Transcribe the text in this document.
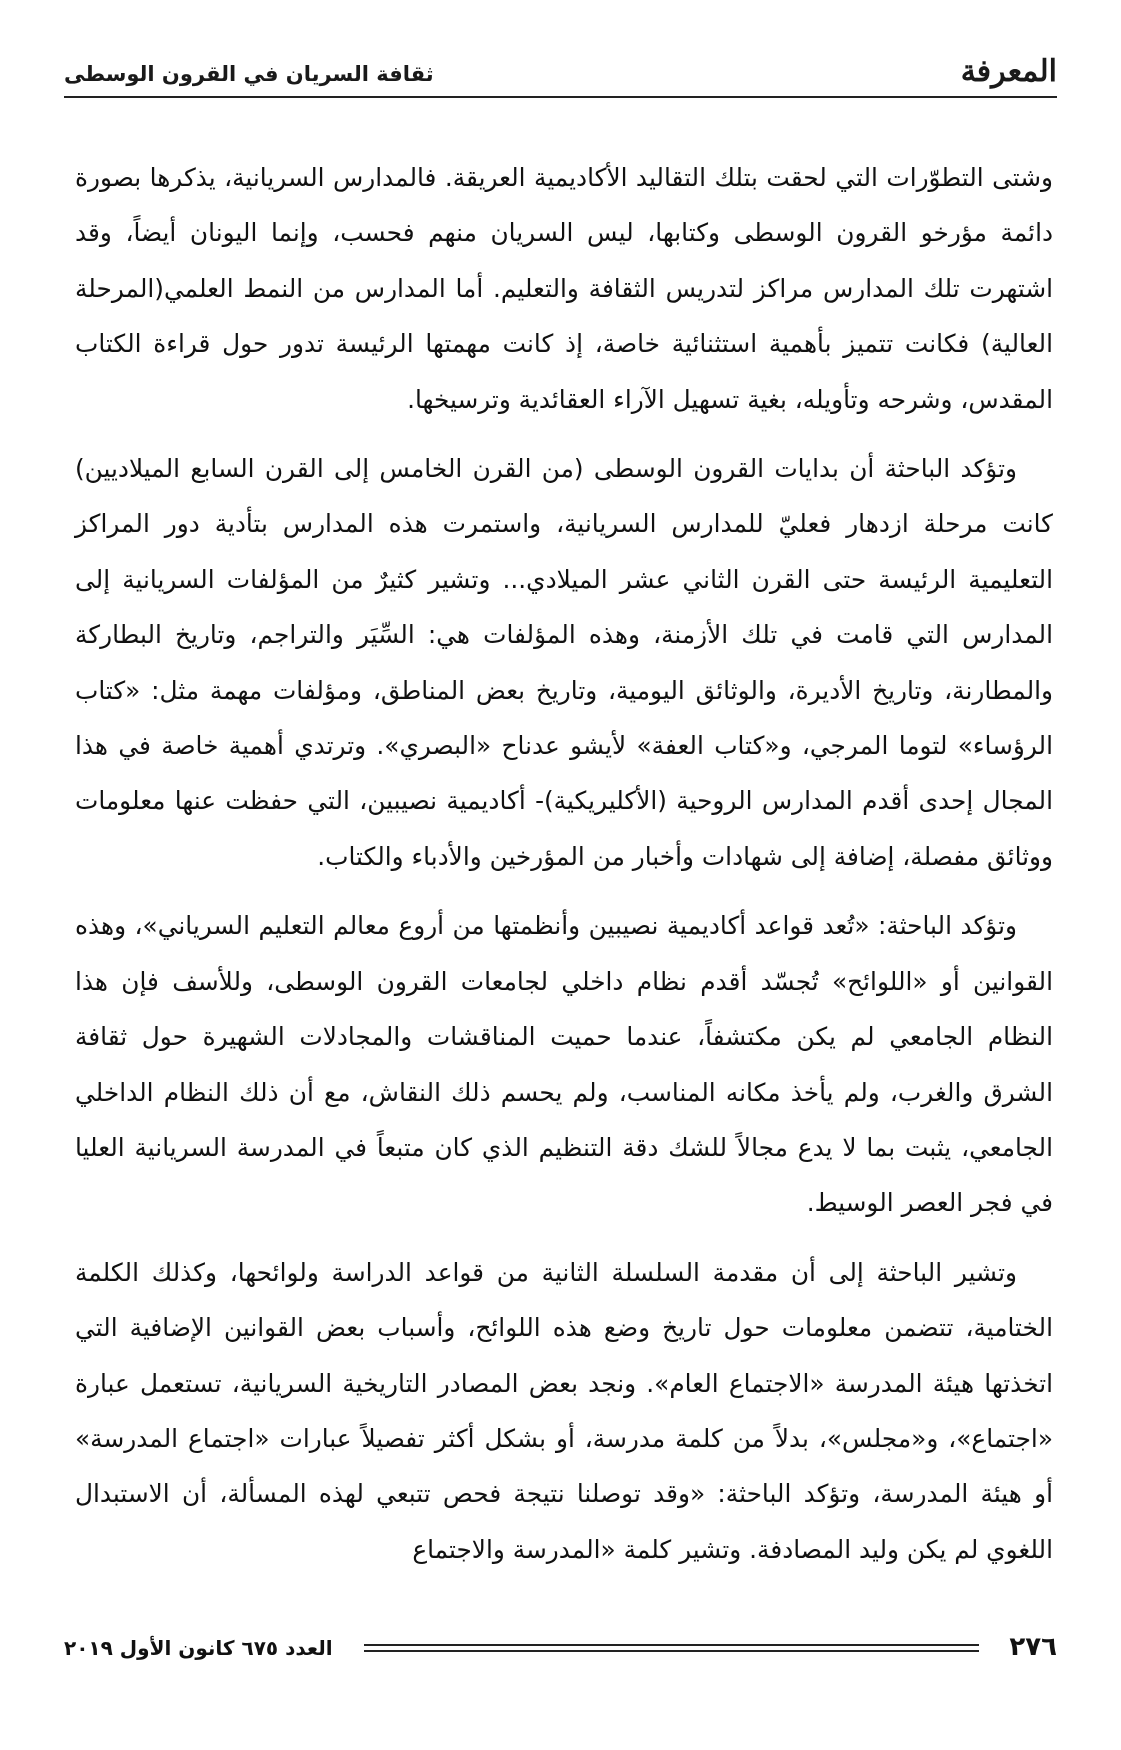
المعرفة
ثقافة السريان في القرون الوسطى

وشتى التطوّرات التي لحقت بتلك التقاليد الأكاديمية العريقة. فالمدارس السريانية، يذكرها بصورة دائمة مؤرخو القرون الوسطى وكتابها، ليس السريان منهم فحسب، وإنما اليونان أيضاً، وقد اشتهرت تلك المدارس مراكز لتدريس الثقافة والتعليم. أما المدارس من النمط العلمي(المرحلة العالية) فكانت تتميز بأهمية استثنائية خاصة، إذ كانت مهمتها الرئيسة تدور حول قراءة الكتاب المقدس، وشرحه وتأويله، بغية تسهيل الآراء العقائدية وترسيخها.

وتؤكد الباحثة أن بدايات القرون الوسطى (من القرن الخامس إلى القرن السابع الميلاديين) كانت مرحلة ازدهار فعليّ للمدارس السريانية، واستمرت هذه المدارس بتأدية دور المراكز التعليمية الرئيسة حتى القرن الثاني عشر الميلادي... وتشير كثيرٌ من المؤلفات السريانية إلى المدارس التي قامت في تلك الأزمنة، وهذه المؤلفات هي: السِّيَر والتراجم، وتاريخ البطاركة والمطارنة، وتاريخ الأديرة، والوثائق اليومية، وتاريخ بعض المناطق، ومؤلفات مهمة مثل: «كتاب الرؤساء» لتوما المرجي، و«كتاب العفة» لأيشو عدناح «البصري». وترتدي أهمية خاصة في هذا المجال إحدى أقدم المدارس الروحية (الأكليريكية)- أكاديمية نصيبين، التي حفظت عنها معلومات ووثائق مفصلة، إضافة إلى شهادات وأخبار من المؤرخين والأدباء والكتاب.

وتؤكد الباحثة: «تُعد قواعد أكاديمية نصيبين وأنظمتها من أروع معالم التعليم السرياني»، وهذه القوانين أو «اللوائح» تُجسّد أقدم نظام داخلي لجامعات القرون الوسطى، وللأسف فإن هذا النظام الجامعي لم يكن مكتشفاً، عندما حميت المناقشات والمجادلات الشهيرة حول ثقافة الشرق والغرب، ولم يأخذ مكانه المناسب، ولم يحسم ذلك النقاش، مع أن ذلك النظام الداخلي الجامعي، يثبت بما لا يدع مجالاً للشك دقة التنظيم الذي كان متبعاً في المدرسة السريانية العليا في فجر العصر الوسيط.

وتشير الباحثة إلى أن مقدمة السلسلة الثانية من قواعد الدراسة ولوائحها، وكذلك الكلمة الختامية، تتضمن معلومات حول تاريخ وضع هذه اللوائح، وأسباب بعض القوانين الإضافية التي اتخذتها هيئة المدرسة «الاجتماع العام». ونجد بعض المصادر التاريخية السريانية، تستعمل عبارة «اجتماع»، و«مجلس»، بدلاً من كلمة مدرسة، أو بشكل أكثر تفصيلاً عبارات «اجتماع المدرسة» أو هيئة المدرسة، وتؤكد الباحثة: «وقد توصلنا نتيجة فحص تتبعي لهذه المسألة، أن الاستبدال اللغوي لم يكن وليد المصادفة. وتشير كلمة «المدرسة والاجتماع

٢٧٦
العدد ٦٧٥ كانون الأول ٢٠١٩
